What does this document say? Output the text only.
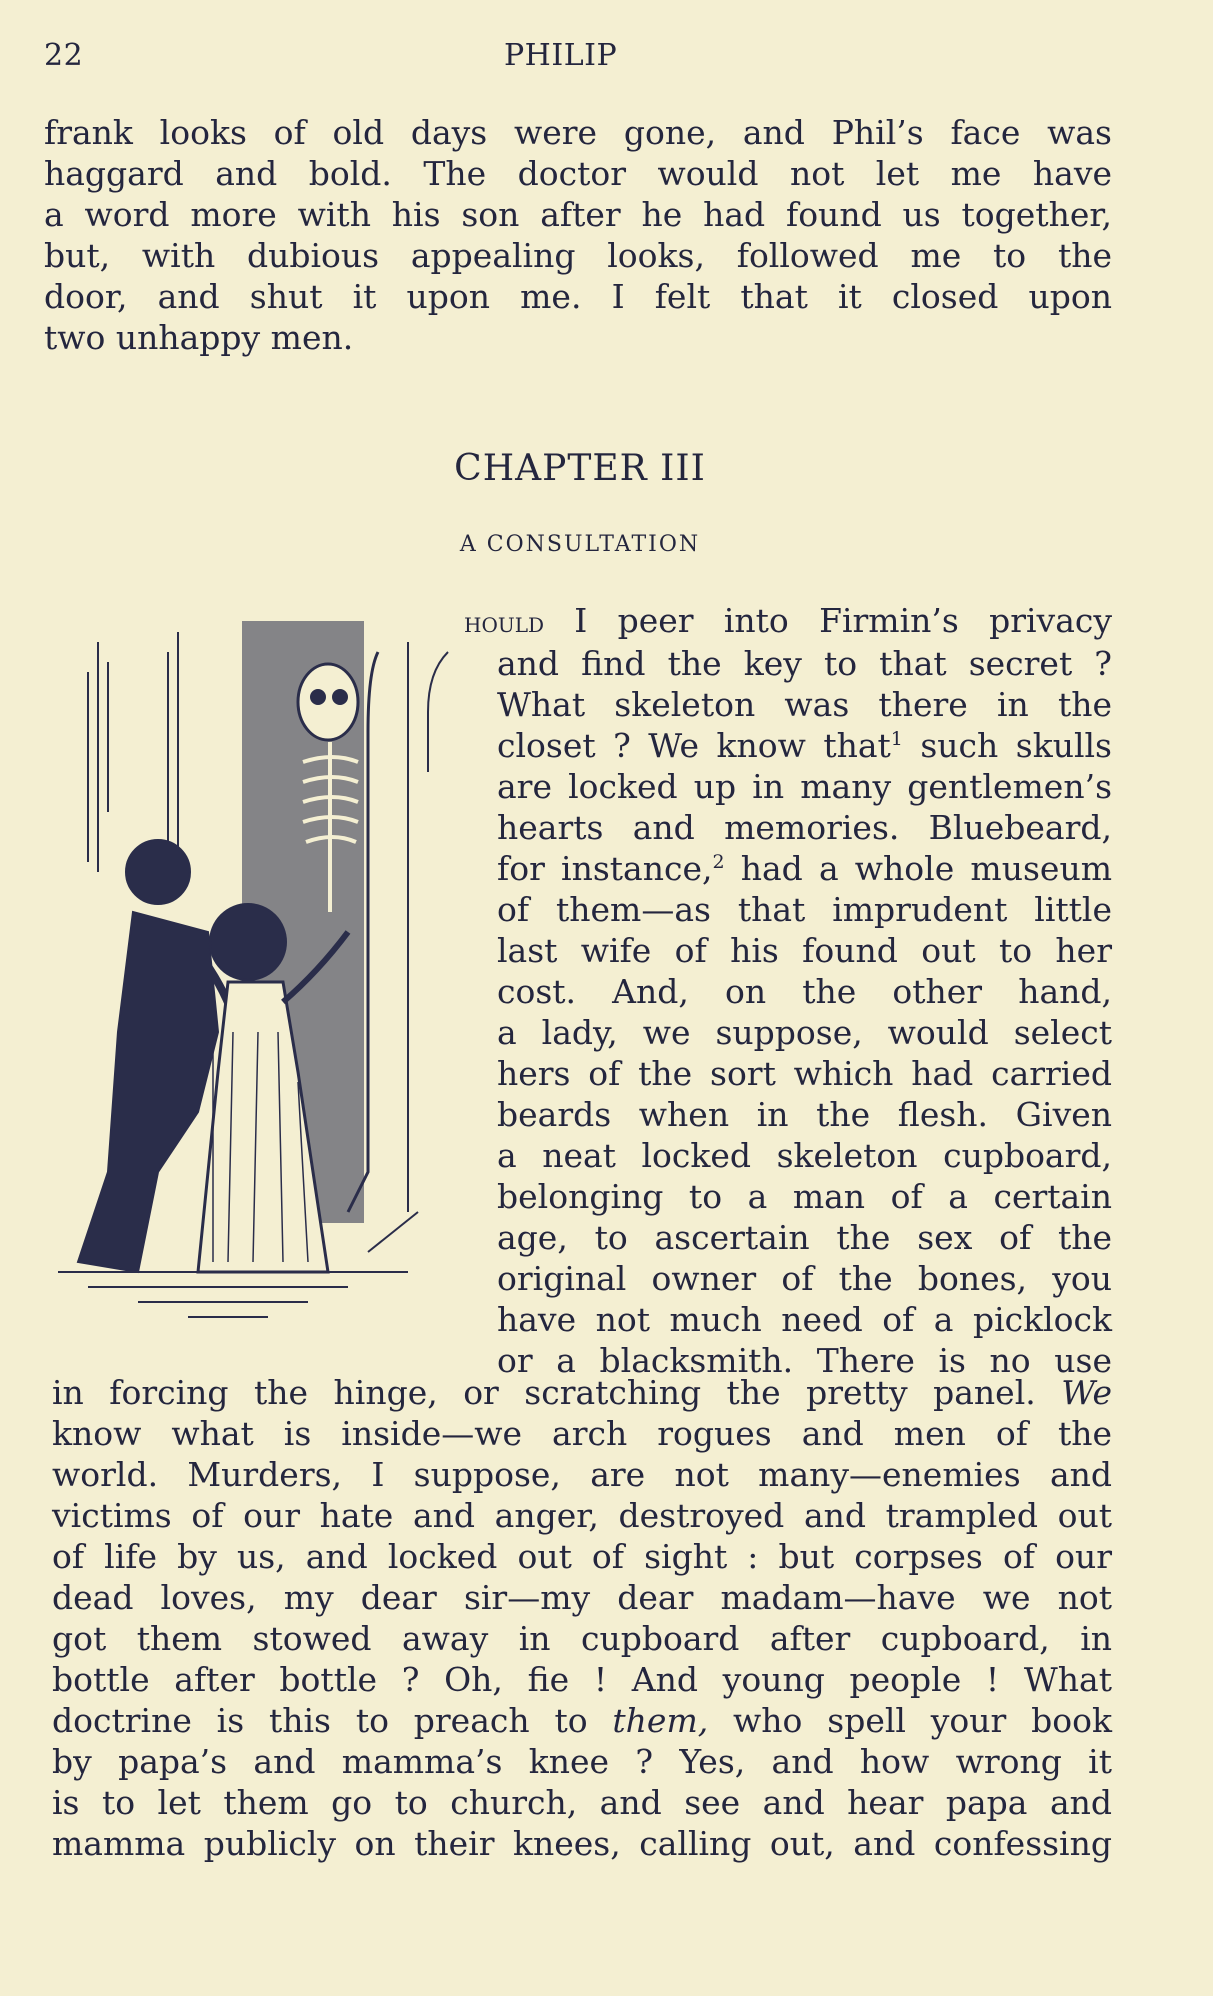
22	PHILIP
frank looks of old days were gone, and Phil’s face was
haggard and bold. The doctor would not let me have
a word more with his son after he had found us together,
but, with dubious appealing looks, followed me to the
door, and shut it upon me. I felt that it closed upon
two unhappy men.
CHAPTER III
A CONSULTATION
hould I peer into Firmin’s privacy
and find the key to that secret ?
What skeleton was there in the
closet ? We know that$^1$ such skulls
are locked up in many gentlemen’s
hearts and memories. Bluebeard,
for instance,$^2$ had a whole museum
of them—as that imprudent little
last wife of his found out to her
cost. And, on the other hand,
a lady, we suppose, would select
hers of the sort which had carried
beards when in the flesh. Given
a neat locked skeleton cupboard,
belonging to a man of a certain
age, to ascertain the sex of the
original owner of the bones, you
have not much need of a picklock
or a blacksmith. There is no use
in forcing the hinge, or scratching the pretty panel. We
know what is inside—we arch rogues and men of the
world. Murders, I suppose, are not many—enemies and
victims of our hate and anger, destroyed and trampled out
of life by us, and locked out of sight : but corpses of our
dead loves, my dear sir—my dear madam—have we not
got them stowed away in cupboard after cupboard, in
bottle after bottle ? Oh, fie ! And young people ! What
doctrine is this to preach to them, who spell your book
by papa’s and mamma’s knee ? Yes, and how wrong it
is to let them go to church, and see and hear papa and
mamma publicly on their knees, calling out, and confessing
